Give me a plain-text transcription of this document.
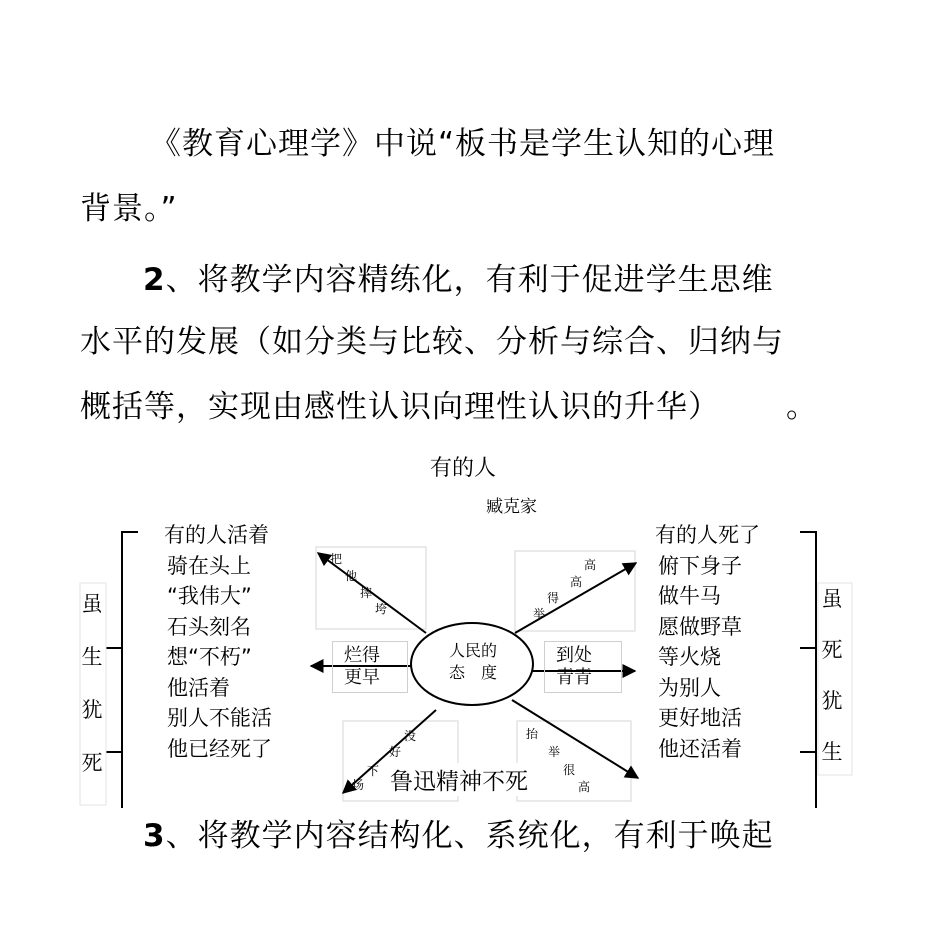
《教育心理学》中说“板书是学生认知的心理
背景。”
2、将教学内容精练化，有利于促进学生思维
水平的发展（如分类与比较、分析与综合、归纳与
概括等，实现由感性认识向理性认识的升华） 。
有的人
臧克家
人民的
态　度
烂得
更早
到处
青青
有的人活着
骑在头上
“我伟大”
石头刻名
想“不朽”
他活着
别人不能活
他已经死了
有的人死了
俯下身子
做牛马
愿做野草
等火烧
为别人
更好地活
他还活着
虽
生
犹
死
虽
死
犹
生
把
他
摔
垮
高
高
得
举
没
好
下
场
抬
举
很
高
鲁迅精神不死
3、将教学内容结构化、系统化，有利于唤起
